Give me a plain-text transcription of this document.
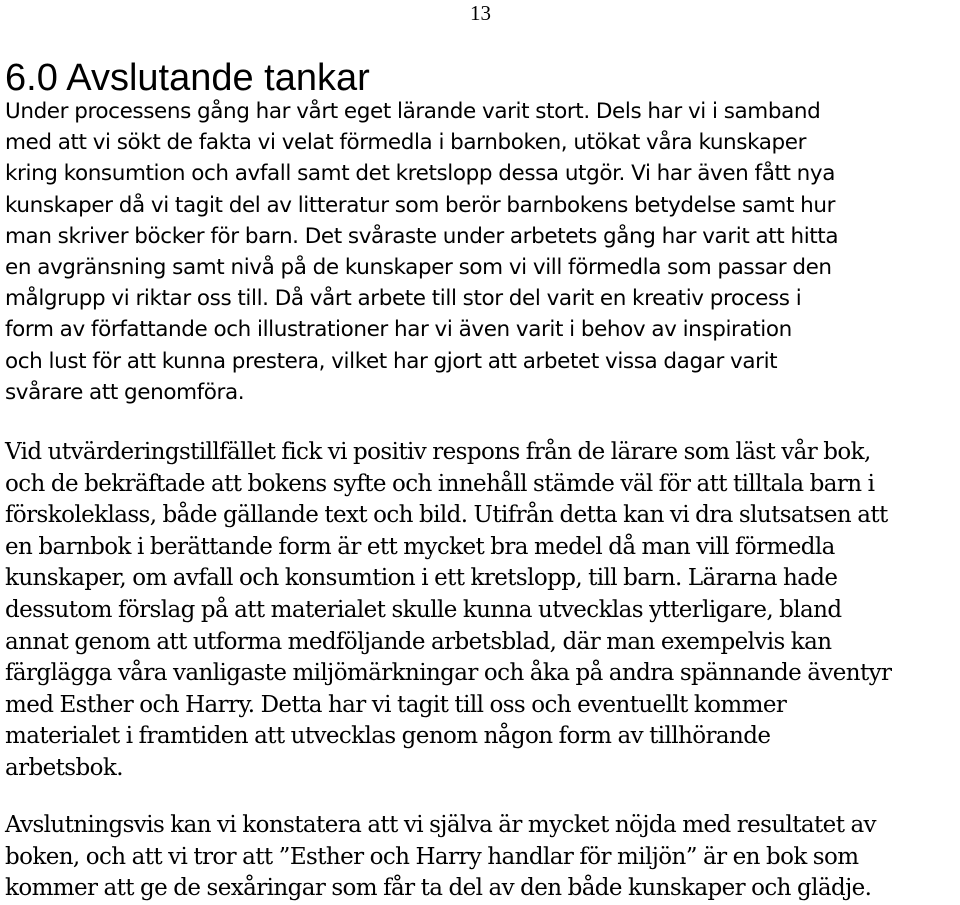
13
6.0 Avslutande tankar

Under processens gång har vårt eget lärande varit stort. Dels har vi i samband
med att vi sökt de fakta vi velat förmedla i barnboken, utökat våra kunskaper
kring konsumtion och avfall samt det kretslopp dessa utgör. Vi har även fått nya
kunskaper då vi tagit del av litteratur som berör barnbokens betydelse samt hur
man skriver böcker för barn. Det svåraste under arbetets gång har varit att hitta
en avgränsning samt nivå på de kunskaper som vi vill förmedla som passar den
målgrupp vi riktar oss till. Då vårt arbete till stor del varit en kreativ process i
form av författande och illustrationer har vi även varit i behov av inspiration
och lust för att kunna prestera, vilket har gjort att arbetet vissa dagar varit
svårare att genomföra.

Vid utvärderingstillfället fick vi positiv respons från de lärare som läst vår bok,
och de bekräftade att bokens syfte och innehåll stämde väl för att tilltala barn i
förskoleklass, både gällande text och bild. Utifrån detta kan vi dra slutsatsen att
en barnbok i berättande form är ett mycket bra medel då man vill förmedla
kunskaper, om avfall och konsumtion i ett kretslopp, till barn. Lärarna hade
dessutom förslag på att materialet skulle kunna utvecklas ytterligare, bland
annat genom att utforma medföljande arbetsblad, där man exempelvis kan
färglägga våra vanligaste miljömärkningar och åka på andra spännande äventyr
med Esther och Harry. Detta har vi tagit till oss och eventuellt kommer
materialet i framtiden att utvecklas genom någon form av tillhörande
arbetsbok.

Avslutningsvis kan vi konstatera att vi själva är mycket nöjda med resultatet av
boken, och att vi tror att ”Esther och Harry handlar för miljön” är en bok som
kommer att ge de sexåringar som får ta del av den både kunskaper och glädje.
